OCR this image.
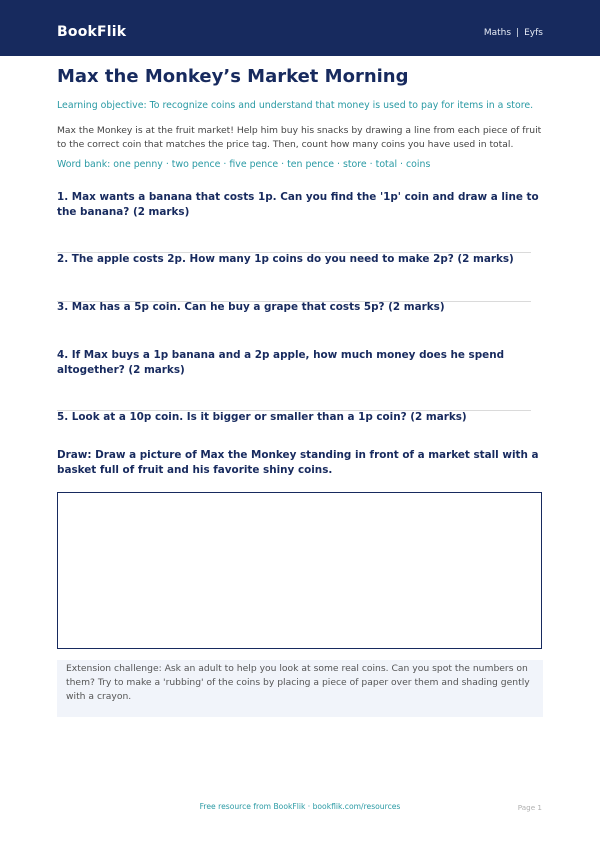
BookFlik	Maths | Eyfs
Max the Monkey’s Market Morning
Learning objective: To recognize coins and understand that money is used to pay for items in a store.
Max the Monkey is at the fruit market! Help him buy his snacks by drawing a line from each piece of fruit to the correct coin that matches the price tag. Then, count how many coins you have used in total.
Word bank: one penny · two pence · five pence · ten pence · store · total · coins
1. Max wants a banana that costs 1p. Can you find the '1p' coin and draw a line to the banana? (2 marks)
2. The apple costs 2p. How many 1p coins do you need to make 2p? (2 marks)
3. Max has a 5p coin. Can he buy a grape that costs 5p? (2 marks)
4. If Max buys a 1p banana and a 2p apple, how much money does he spend altogether? (2 marks)
5. Look at a 10p coin. Is it bigger or smaller than a 1p coin? (2 marks)
Draw: Draw a picture of Max the Monkey standing in front of a market stall with a basket full of fruit and his favorite shiny coins.
Extension challenge: Ask an adult to help you look at some real coins. Can you spot the numbers on them? Try to make a 'rubbing' of the coins by placing a piece of paper over them and shading gently with a crayon.
Free resource from BookFlik · bookflik.com/resources	Page 1
